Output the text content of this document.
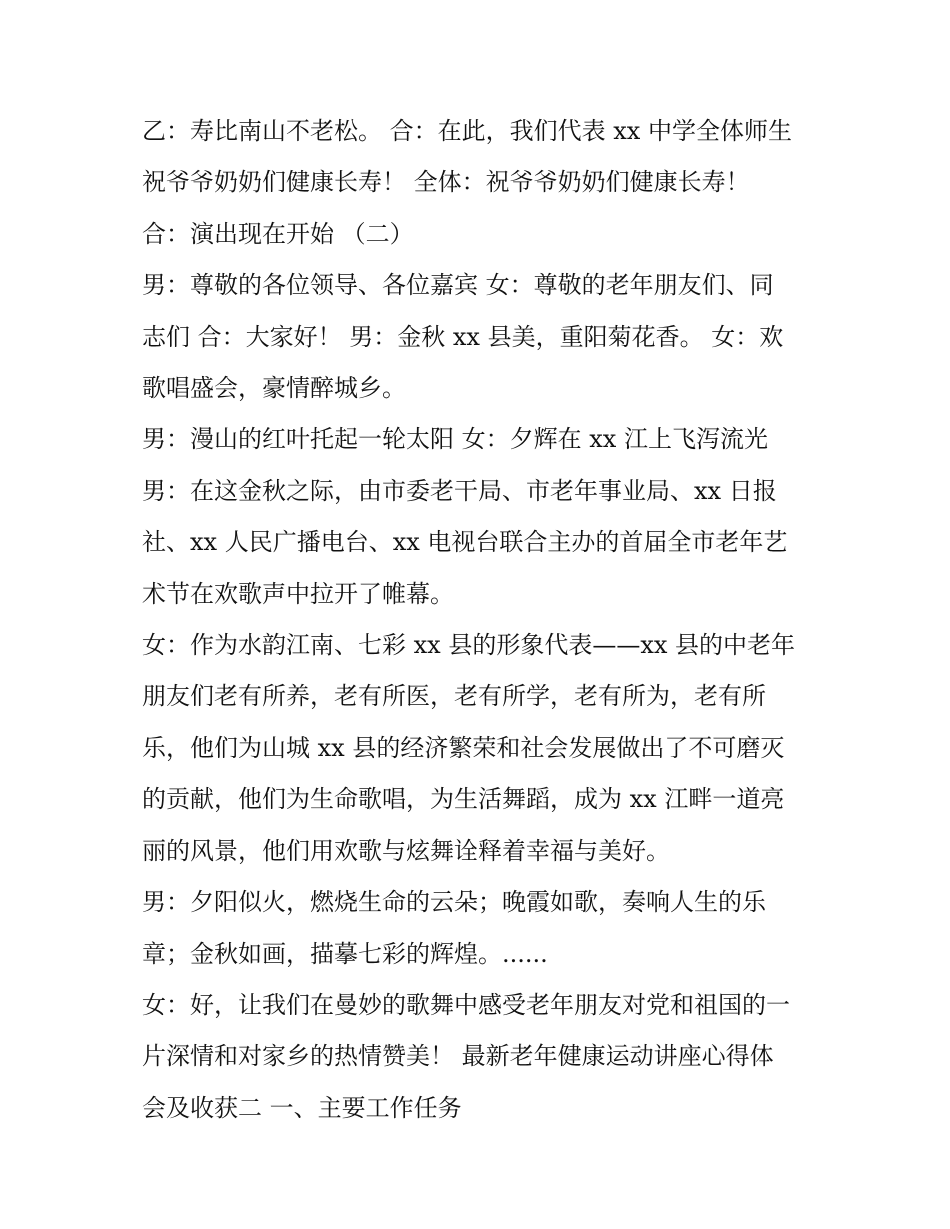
乙：寿比南山不老松。 合：在此，我们代表 xx 中学全体师生

祝爷爷奶奶们健康长寿！ 全体：祝爷爷奶奶们健康长寿！

合：演出现在开始 （二）

男：尊敬的各位领导、各位嘉宾 女：尊敬的老年朋友们、同

志们 合：大家好！ 男：金秋 xx 县美，重阳菊花香。 女：欢

歌唱盛会，豪情醉城乡。

男：漫山的红叶托起一轮太阳 女：夕辉在 xx 江上飞泻流光

男：在这金秋之际，由市委老干局、市老年事业局、xx 日报

社、xx 人民广播电台、xx 电视台联合主办的首届全市老年艺

术节在欢歌声中拉开了帷幕。

女：作为水韵江南、七彩 xx 县的形象代表——xx 县的中老年

朋友们老有所养，老有所医，老有所学，老有所为，老有所

乐，他们为山城 xx 县的经济繁荣和社会发展做出了不可磨灭

的贡献，他们为生命歌唱，为生活舞蹈，成为 xx 江畔一道亮

丽的风景，他们用欢歌与炫舞诠释着幸福与美好。

男：夕阳似火，燃烧生命的云朵；晚霞如歌，奏响人生的乐

章；金秋如画，描摹七彩的辉煌。......

女：好，让我们在曼妙的歌舞中感受老年朋友对党和祖国的一

片深情和对家乡的热情赞美！ 最新老年健康运动讲座心得体

会及收获二 一、主要工作任务
